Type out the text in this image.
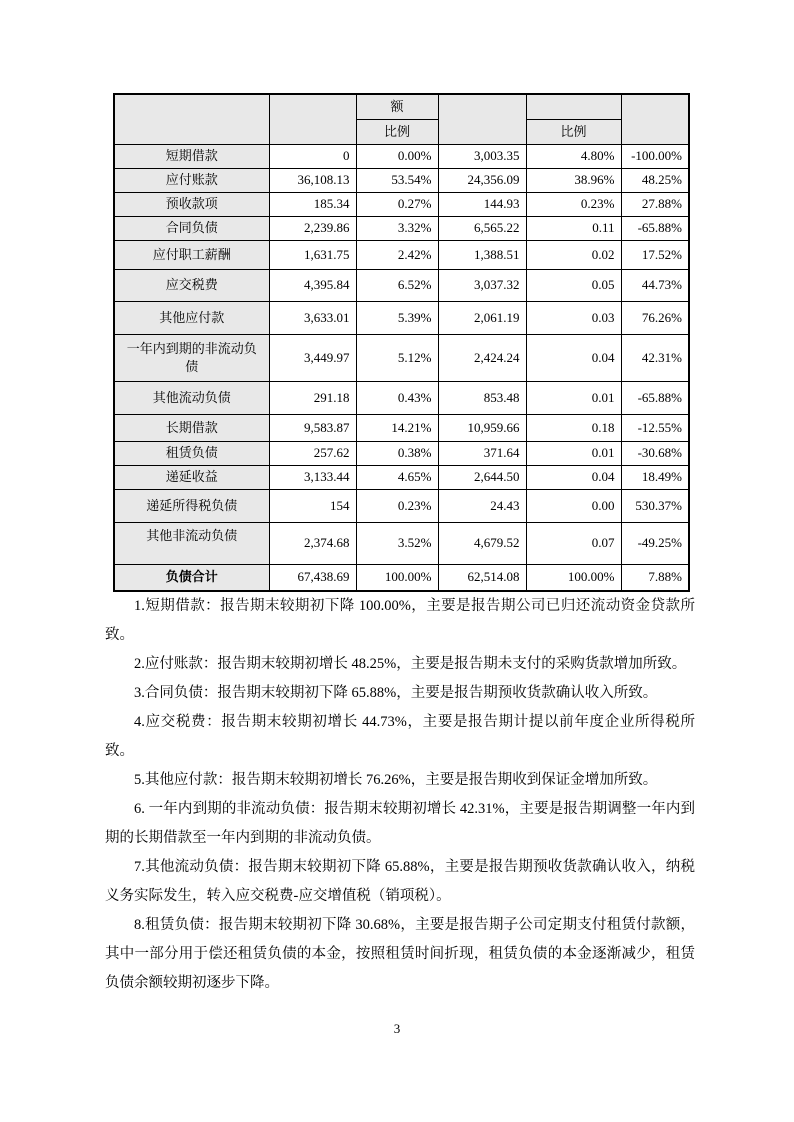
		额			
		比例		比例	
短期借款	0	0.00%	3,003.35	4.80%	-100.00%
应付账款	36,108.13	53.54%	24,356.09	38.96%	48.25%
预收款项	185.34	0.27%	144.93	0.23%	27.88%
合同负债	2,239.86	3.32%	6,565.22	0.11	-65.88%
应付职工薪酬	1,631.75	2.42%	1,388.51	0.02	17.52%
应交税费	4,395.84	6.52%	3,037.32	0.05	44.73%
其他应付款	3,633.01	5.39%	2,061.19	0.03	76.26%
一年内到期的非流动负债	3,449.97	5.12%	2,424.24	0.04	42.31%
其他流动负债	291.18	0.43%	853.48	0.01	-65.88%
长期借款	9,583.87	14.21%	10,959.66	0.18	-12.55%
租赁负债	257.62	0.38%	371.64	0.01	-30.68%
递延收益	3,133.44	4.65%	2,644.50	0.04	18.49%
递延所得税负债	154	0.23%	24.43	0.00	530.37%
其他非流动负债	2,374.68	3.52%	4,679.52	0.07	-49.25%
负债合计	67,438.69	100.00%	62,514.08	100.00%	7.88%

1.短期借款：报告期末较期初下降 100.00%，主要是报告期公司已归还流动资金贷款所致。

2.应付账款：报告期末较期初增长 48.25%，主要是报告期未支付的采购货款增加所致。

3.合同负债：报告期末较期初下降 65.88%，主要是报告期预收货款确认收入所致。

4.应交税费：报告期末较期初增长 44.73%，主要是报告期计提以前年度企业所得税所致。

5.其他应付款：报告期末较期初增长 76.26%，主要是报告期收到保证金增加所致。

6. 一年内到期的非流动负债：报告期末较期初增长 42.31%，主要是报告期调整一年内到期的长期借款至一年内到期的非流动负债。

7.其他流动负债：报告期末较期初下降 65.88%，主要是报告期预收货款确认收入，纳税义务实际发生，转入应交税费-应交增值税（销项税）。

8.租赁负债：报告期末较期初下降 30.68%，主要是报告期子公司定期支付租赁付款额，其中一部分用于偿还租赁负债的本金，按照租赁时间折现，租赁负债的本金逐渐减少，租赁负债余额较期初逐步下降。

3
